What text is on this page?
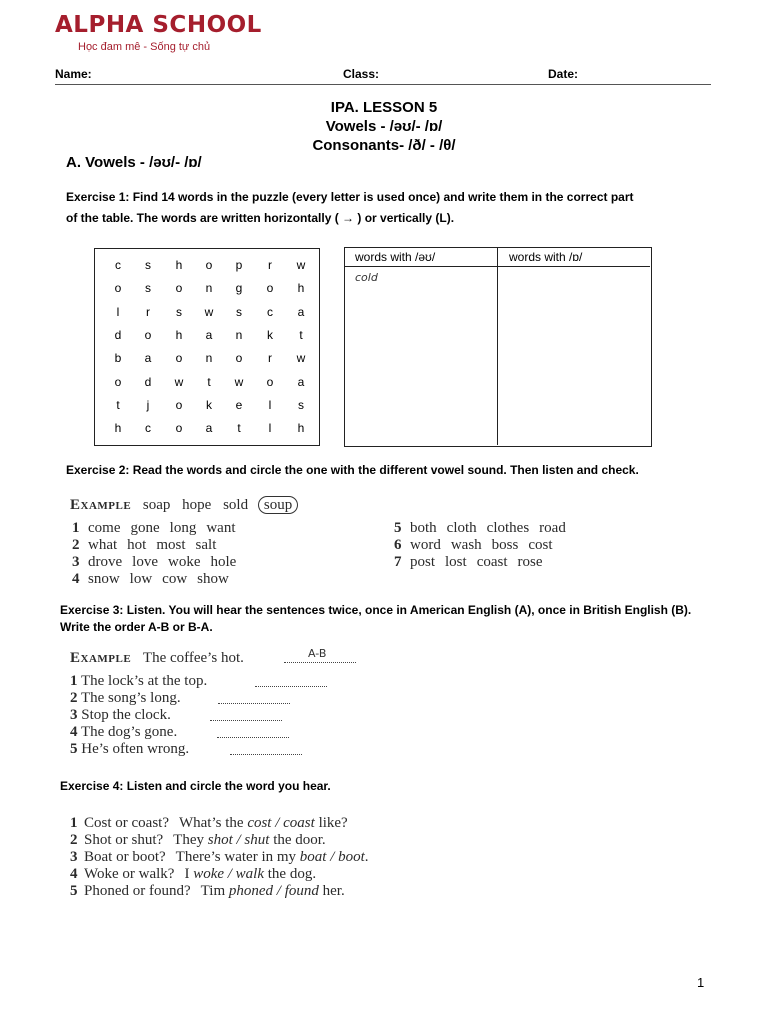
ALPHA SCHOOL
Học đam mê - Sống tự chủ
Name:	Class:	Date:
IPA. LESSON 5
Vowels - /əʊ/- /ɒ/
Consonants- /ð/ - /θ/
A. Vowels - /əʊ/- /ɒ/
Exercise 1: Find 14 words in the puzzle (every letter is used once) and write them in the correct part
of the table. The words are written horizontally ( → ) or vertically (L).
c	s	h	o	p	r	w
o	s	o	n	g	o	h
l	r	s	w	s	c	a
d	o	h	a	n	k	t
b	a	o	n	o	r	w
o	d	w	t	w	o	a
t	j	o	k	e	l	s
h	c	o	a	t	l	h
words with /əʊ/	words with /ɒ/
cold
Exercise 2: Read the words and circle the one with the different vowel sound. Then listen and check.
Example soap hope sold soup
1 come gone long want
2 what hot most salt
3 drove love woke hole
4 snow low cow show
5 both cloth clothes road
6 word wash boss cost
7 post lost coast rose
Exercise 3: Listen. You will hear the sentences twice, once in American English (A), once in British English (B).
Write the order A-B or B-A.
Example The coffee’s hot.	A-B
1 The lock’s at the top.
2 The song’s long.
3 Stop the clock.
4 The dog’s gone.
5 He’s often wrong.
Exercise 4: Listen and circle the word you hear.
1 Cost or coast? What’s the cost / coast like?
2 Shot or shut? They shot / shut the door.
3 Boat or boot? There’s water in my boat / boot.
4 Woke or walk? I woke / walk the dog.
5 Phoned or found? Tim phoned / found her.
1
